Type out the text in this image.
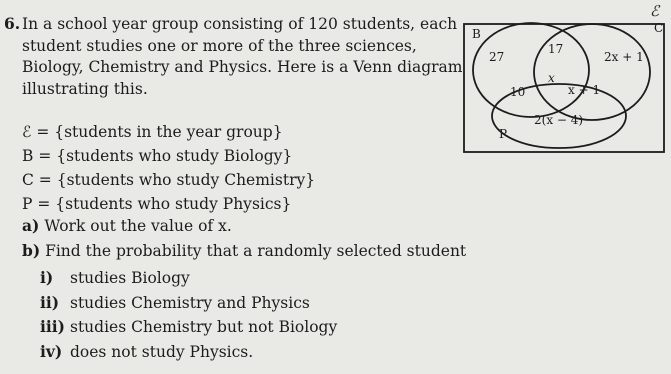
6. In a school year group consisting of 120 students, each
student studies one or more of the three sciences,
Biology, Chemistry and Physics. Here is a Venn diagram
illustrating this.
ℰ = {students in the year group}
B = {students who study Biology}
C = {students who study Chemistry}
P = {students who study Physics}
a) Work out the value of x.
b) Find the probability that a randomly selected student
i) studies Biology
ii) studies Chemistry and Physics
iii) studies Chemistry but not Biology
iv) does not study Physics.
ℰ
B	C
P
27
17
2x + 1
x
10	x + 1
2(x − 4)
